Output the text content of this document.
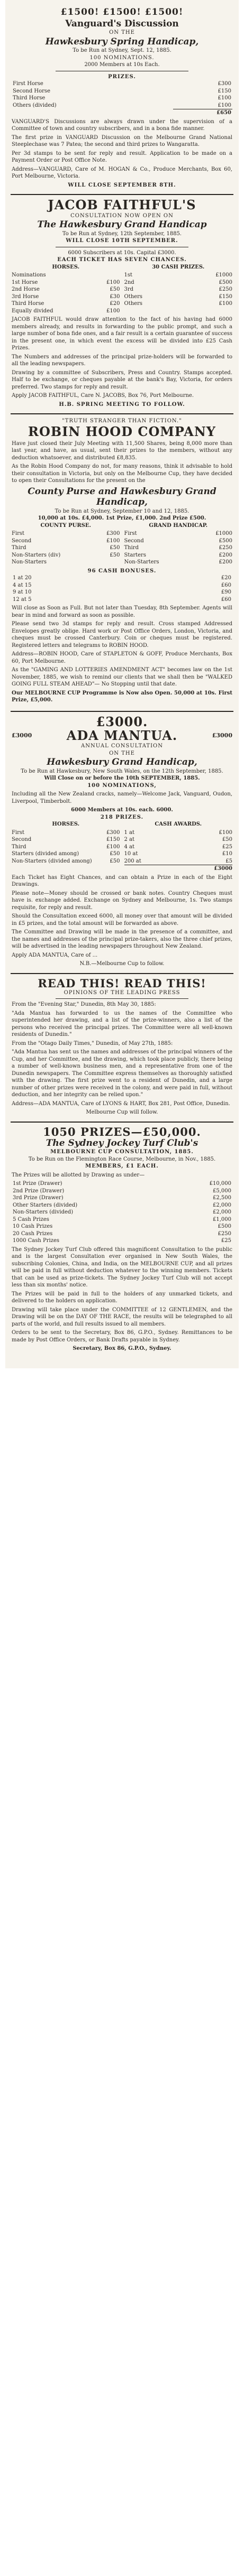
£1500! £1500! £1500!
Vanguard's Discussion
ON THE
Hawkesbury Spring Handicap,
To be Run at Sydney, Sept. 12, 1885.
100 NOMINATIONS.
2000 Members at 10s Each.
PRIZES.
First Horse	£300
Second Horse	£150
Third Horse	£100
Others (divided)	£100
	£650

VANGUARD'S Discussions are always drawn under the supervision of a Committee of town and country subscribers, and in a bona fide manner.

The first prize in VANGUARD Discussion on the Melbourne Grand National Steeplechase was 7 Patea; the second and third prizes to Wangaratta.

Per 3d stamps to be sent for reply and result. Application to be made on a Payment Order or Post Office Note.

Address—VANGUARD, Care of M. HOGAN & Co., Produce Merchants, Box 60, Port Melbourne, Victoria.

WILL CLOSE SEPTEMBER 8TH.
JACOB FAITHFUL'S
CONSULTATION NOW OPEN ON
The Hawkesbury Grand Handicap
To be Run at Sydney, 12th September, 1885.
WILL CLOSE 10TH SEPTEMBER.
6000 Subscribers at 10s. Capital £3000.
EACH TICKET HAS SEVEN CHANCES.
HORSES.
Nominations
1st Horse	£100
2nd Horse	£50
3rd Horse	£30
Third Horse	£20
Equally divided	£100
30 CASH PRIZES.
1st	£1000
2nd	£500
3rd	£250
Others	£150
Others	£100

JACOB FAITHFUL would draw attention to the fact of his having had 6000 members already, and results in forwarding to the public prompt, and such a large number of bona fide ones, and a fair result is a certain guarantee of success in the present one, in which event the excess will be divided into £25 Cash Prizes.

The Numbers and addresses of the principal prize-holders will be forwarded to all the leading newspapers.

Drawing by a committee of Subscribers, Press and Country. Stamps accepted. Half to be exchange, or cheques payable at the bank's Bay, Victoria, for orders preferred. Two stamps for reply and result.

Apply JACOB FAITHFUL, Care N. JACOBS, Box 76, Port Melbourne.

H.B. SPRING MEETING TO FOLLOW.
"TRUTH STRANGER THAN FICTION."
ROBIN HOOD COMPANY

Have just closed their July Meeting with 11,500 Shares, being 8,000 more than last year, and have, as usual, sent their prizes to the members, without any deduction whatsoever, and distributed £8,835.

As the Robin Hood Company do not, for many reasons, think it advisable to hold their consultation in Victoria, but only on the Melbourne Cup, they have decided to open their Consultations for the present on the

County Purse and Hawkesbury Grand Handicap,
To be Run at Sydney, September 10 and 12, 1885.
10,000 at 10s. £4,000. 1st Prize, £1,000. 2nd Prize £500.
COUNTY PURSE.
First	£300
Second	£100
Third	£50
Non-Starters (div)	£50
Non-Starters
GRAND HANDICAP.
First	£1000
Second	£500
Third	£250
Starters	£200
Non-Starters	£200
96 CASH BONUSES.
1 at 20	£20
4 at 15	£60
9 at 10	£90
12 at 5	£60

Will close as Soon as Full. But not later than Tuesday, 8th September. Agents will bear in mind and forward as soon as possible.

Please send two 3d stamps for reply and result. Cross stamped Addressed Envelopes greatly oblige. Hard work or Post Office Orders, London, Victoria, and cheques must be crossed Canterbury. Coin or cheques must be registered. Registered letters and telegrams to ROBIN HOOD.

Address—ROBIN HOOD, Care of STAPLETON & GOFF, Produce Merchants, Box 60, Port Melbourne.

As the "GAMING AND LOTTERIES AMENDMENT ACT" becomes law on the 1st November, 1885, we wish to remind our clients that we shall then be "WALKED GOING FULL STEAM AHEAD"— No Stopping until that date.

Our MELBOURNE CUP Programme is Now also Open. 50,000 at 10s. First Prize, £5,000.

£3000.
£3000	ADA MANTUA.	£3000
ANNUAL CONSULTATION
ON THE
Hawkesbury Grand Handicap,
To be Run at Hawkesbury, New South Wales, on the 12th September, 1885.
Will Close on or before the 10th SEPTEMBER, 1885.
100 NOMINATIONS,

Including all the New Zealand cracks, namely—Welcome Jack, Vanguard, Oudon, Liverpool, Timberbolt.

6000 Members at 10s. each. 6000.
218 PRIZES.
HORSES.
First	£300
Second	£150
Third	£100
Starters (divided among)	£50
Non-Starters (divided among)	£50
CASH AWARDS.
1 at	£100
2 at	£50
4 at	£25
10 at	£10
200 at	£5
£3000

Each Ticket has Eight Chances, and can obtain a Prize in each of the Eight Drawings.

Please note—Money should be crossed or bank notes. Country Cheques must have is. exchange added. Exchange on Sydney and Melbourne, 1s. Two stamps requisite, for reply and result.

Should the Consultation exceed 6000, all money over that amount will be divided in £5 prizes, and the total amount will be forwarded as above.

The Committee and Drawing will be made in the presence of a committee, and the names and addresses of the principal prize-takers, also the three chief prizes, will be advertised in the leading newspapers throughout New Zealand.

Apply ADA MANTUA, Care of ...

N.B.—Melbourne Cup to follow.
READ THIS! READ THIS!
OPINIONS OF THE LEADING PRESS

From the "Evening Star," Dunedin, 8th May 30, 1885:

"Ada Mantua has forwarded to us the names of the Committee who superintended her drawing, and a list of the prize-winners, also a list of the persons who received the principal prizes. The Committee were all well-known residents of Dunedin."

From the "Otago Daily Times," Dunedin, of May 27th, 1885:

"Ada Mantua has sent us the names and addresses of the principal winners of the Cup, and her Committee, and the drawing, which took place publicly, there being a number of well-known business men, and a representative from one of the Dunedin newspapers. The Committee express themselves as thoroughly satisfied with the drawing. The first prize went to a resident of Dunedin, and a large number of other prizes were received in the colony, and were paid in full, without deduction, and her integrity can be relied upon."

Address—ADA MANTUA, Care of LYONS & HART, Box 281, Post Office, Dunedin.

Melbourne Cup will follow.
1050 PRIZES—£50,000.
The Sydney Jockey Turf Club's
MELBOURNE CUP CONSULTATION, 1885.
To be Run on the Flemington Race Course, Melbourne, in Nov., 1885.
MEMBERS, £1 EACH.

The Prizes will be allotted by Drawing as under—

1st Prize (Drawer)	£10,000
2nd Prize (Drawer)	£5,000
3rd Prize (Drawer)	£2,500
Other Starters (divided)	£2,000
Non-Starters (divided)	£2,000
5 Cash Prizes	£1,000
10 Cash Prizes	£500
20 Cash Prizes	£250
1000 Cash Prizes	£25

The Sydney Jockey Turf Club offered this magnificent Consultation to the public and is the largest Consultation ever organised in New South Wales, the subscribing Colonies, China, and India, on the MELBOURNE CUP, and all prizes will be paid in full without deduction whatever to the winning members. Tickets that can be used as prize-tickets. The Sydney Jockey Turf Club will not accept less than six months' notice.

The Prizes will be paid in full to the holders of any unmarked tickets, and delivered to the holders on application.

Drawing will take place under the COMMITTEE of 12 GENTLEMEN, and the Drawing will be on the DAY OF THE RACE, the results will be telegraphed to all parts of the world, and full results issued to all members.

Orders to be sent to the Secretary, Box 86, G.P.O., Sydney. Remittances to be made by Post Office Orders, or Bank Drafts payable in Sydney.

Secretary, Box 86, G.P.O., Sydney.
